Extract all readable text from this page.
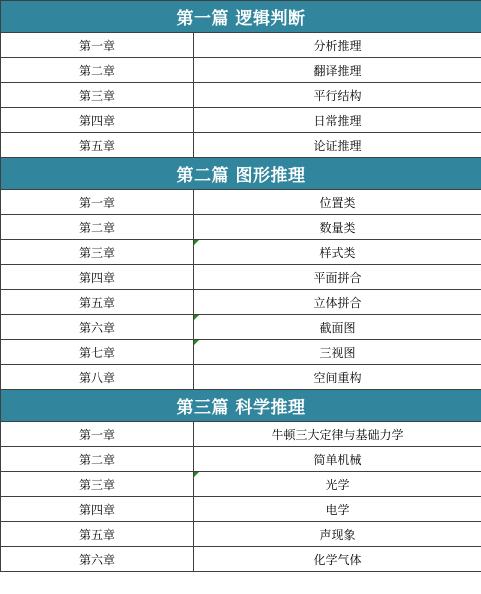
第一篇 逻辑判断	
第一章	分析推理
第二章	翻译推理
第三章	平行结构
第四章	日常推理
第五章	论证推理
第二篇 图形推理	
第一章	位置类
第二章	数量类
第三章	样式类

第四章	平面拼合
第五章	立体拼合
第六章	截面图

第七章	三视图

第八章	空间重构
第三篇 科学推理	
第一章	牛顿三大定律与基础力学
第二章	简单机械
第三章	光学

第四章	电学
第五章	声现象
第六章	化学气体
